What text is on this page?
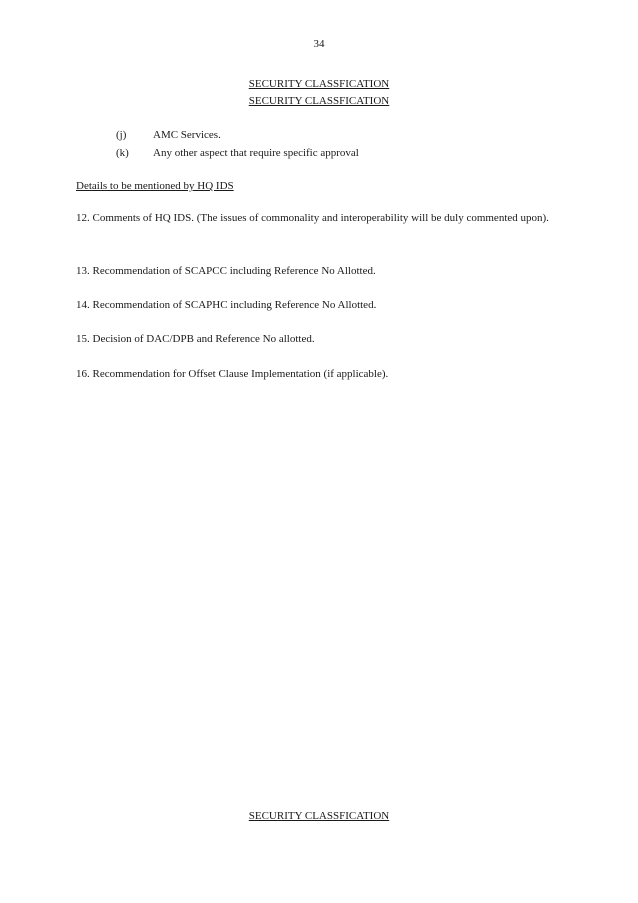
34
SECURITY CLASSFICATION
SECURITY CLASSFICATION
(j) AMC Services.
(k) Any other aspect that require specific approval
Details to be mentioned by HQ IDS
12. Comments of HQ IDS. (The issues of commonality and interoperability will be duly commented upon).
13. Recommendation of SCAPCC including Reference No Allotted.
14. Recommendation of SCAPHC including Reference No Allotted.
15. Decision of DAC/DPB and Reference No allotted.
16. Recommendation for Offset Clause Implementation (if applicable).
SECURITY CLASSFICATION
